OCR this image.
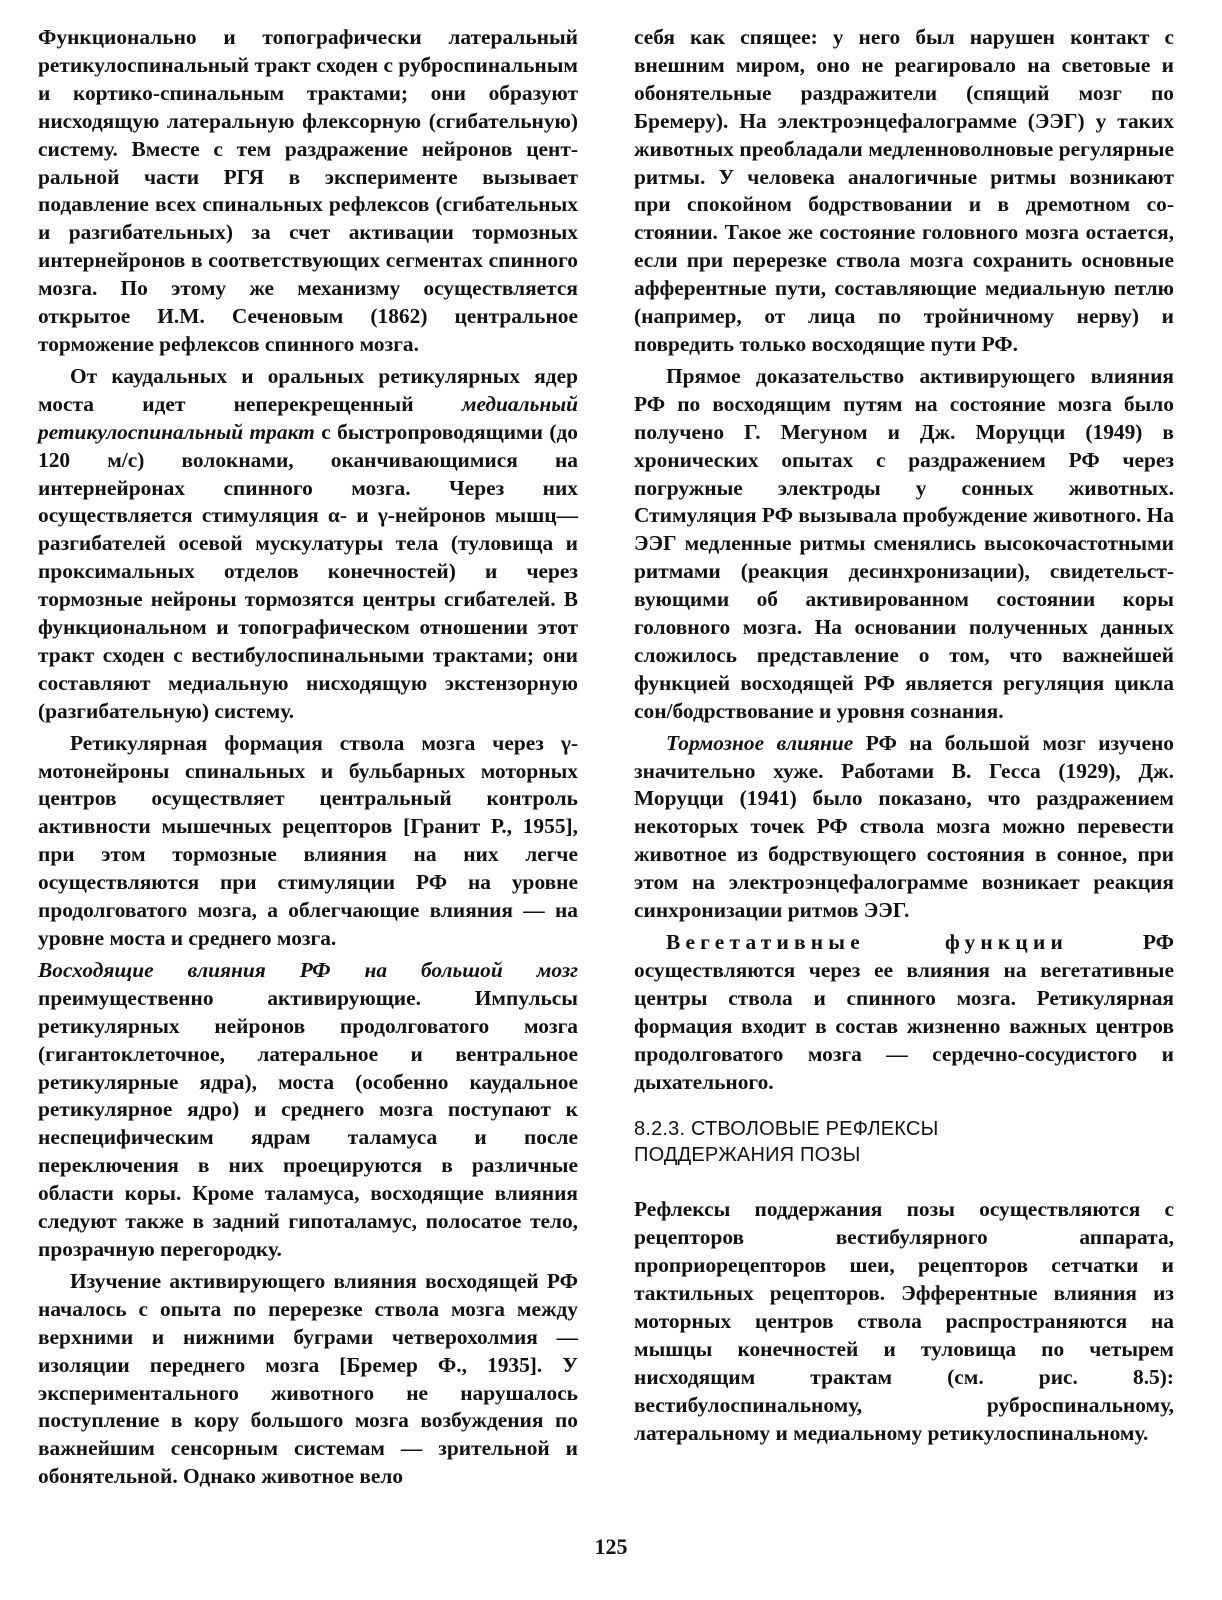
Функционально и топографически латеральный ретикулоспинальный тракт сходен с руброспинальным и кортико-спинальным трактами; они образуют нисходящую латеральную флексорную (сгибательную) систему. Вместе с тем раздражение нейронов центральной части РГЯ в эксперименте вызывает подавление всех спинальных рефлексов (сгибательных и разгибательных) за счет активации тормозных интернейронов в соответствующих сегментах спинного мозга. По этому же механизму осуществляется открытое И.М. Сеченовым (1862) центральное торможение рефлексов спинного мозга.

От каудальных и оральных ретикулярных ядер моста идет неперекрещенный медиальный ретикулоспинальный тракт с быстропроводящими (до 120 м/с) волокнами, оканчивающимися на интернейронах спинного мозга. Через них осуществляется стимуляция α- и γ-нейронов мышц—разгибателей осевой мускулатуры тела (туловища и проксимальных отделов конечностей) и через тормозные нейроны тормозятся центры сгибателей. В функциональном и топографическом отношении этот тракт сходен с вестибулоспинальными трактами; они составляют медиальную нисходящую экстензорную (разгибательную) систему.

Ретикулярная формация ствола мозга через γ-мотонейроны спинальных и бульбарных моторных центров осуществляет центральный контроль активности мышечных рецепторов [Гранит Р., 1955], при этом тормозные влияния на них легче осуществляются при стимуляции РФ на уровне продолговатого мозга, а облегчающие влияния — на уровне моста и среднего мозга.

Восходящие влияния РФ на большой мозг преимущественно активирующие. Импульсы ретикулярных нейронов продолговатого мозга (гигантоклеточное, латеральное и вентральное ретикулярные ядра), моста (особенно каудальное ретикулярное ядро) и среднего мозга поступают к неспецифическим ядрам таламуса и после переключения в них проецируются в различные области коры. Кроме таламуса, восходящие влияния следуют также в задний гипоталамус, полосатое тело, прозрачную перегородку.

Изучение активирующего влияния восходящей РФ началось с опыта по перерезке ствола мозга между верхними и нижними буграми четверохолмия — изоляции переднего мозга [Бремер Ф., 1935]. У экспериментального животного не нарушалось поступление в кору большого мозга возбуждения по важнейшим сенсорным системам — зрительной и обонятельной. Однако животное вело

себя как спящее: у него был нарушен контакт с внешним миром, оно не реагировало на световые и обонятельные раздражители (спящий мозг по Бремеру). На электроэнцефалограмме (ЭЭГ) у таких животных преобладали медленноволновые регулярные ритмы. У человека аналогичные ритмы возникают при спокойном бодрствовании и в дремотном состоянии. Такое же состояние головного мозга остается, если при перерезке ствола мозга сохранить основные афферентные пути, составляющие медиальную петлю (например, от лица по тройничному нерву) и повредить только восходящие пути РФ.

Прямое доказательство активирующего влияния РФ по восходящим путям на состояние мозга было получено Г. Мегуном и Дж. Моруцци (1949) в хронических опытах с раздражением РФ через погружные электроды у сонных животных. Стимуляция РФ вызывала пробуждение животного. На ЭЭГ медленные ритмы сменялись высокочастотными ритмами (реакция десинхронизации), свидетельствующими об активированном состоянии коры головного мозга. На основании полученных данных сложилось представление о том, что важнейшей функцией восходящей РФ является регуляция цикла сон/бодрствование и уровня сознания.

Тормозное влияние РФ на большой мозг изучено значительно хуже. Работами В. Гесса (1929), Дж. Моруцци (1941) было показано, что раздражением некоторых точек РФ ствола мозга можно перевести животное из бодрствующего состояния в сонное, при этом на электроэнцефалограмме возникает реакция синхронизации ритмов ЭЭГ.

Вегетативные функции РФ осуществляются через ее влияния на вегетативные центры ствола и спинного мозга. Ретикулярная формация входит в состав жизненно важных центров продолговатого мозга — сердечно-сосудистого и дыхательного.

8.2.3. СТВОЛОВЫЕ РЕФЛЕКСЫ
ПОДДЕРЖАНИЯ ПОЗЫ

Рефлексы поддержания позы осуществляются с рецепторов вестибулярного аппарата, проприорецепторов шеи, рецепторов сетчатки и тактильных рецепторов. Эфферентные влияния из моторных центров ствола распространяются на мышцы конечностей и туловища по четырем нисходящим трактам (см. рис. 8.5): вестибулоспинальному, руброспинальному, латеральному и медиальному ретикулоспинальному.

125
